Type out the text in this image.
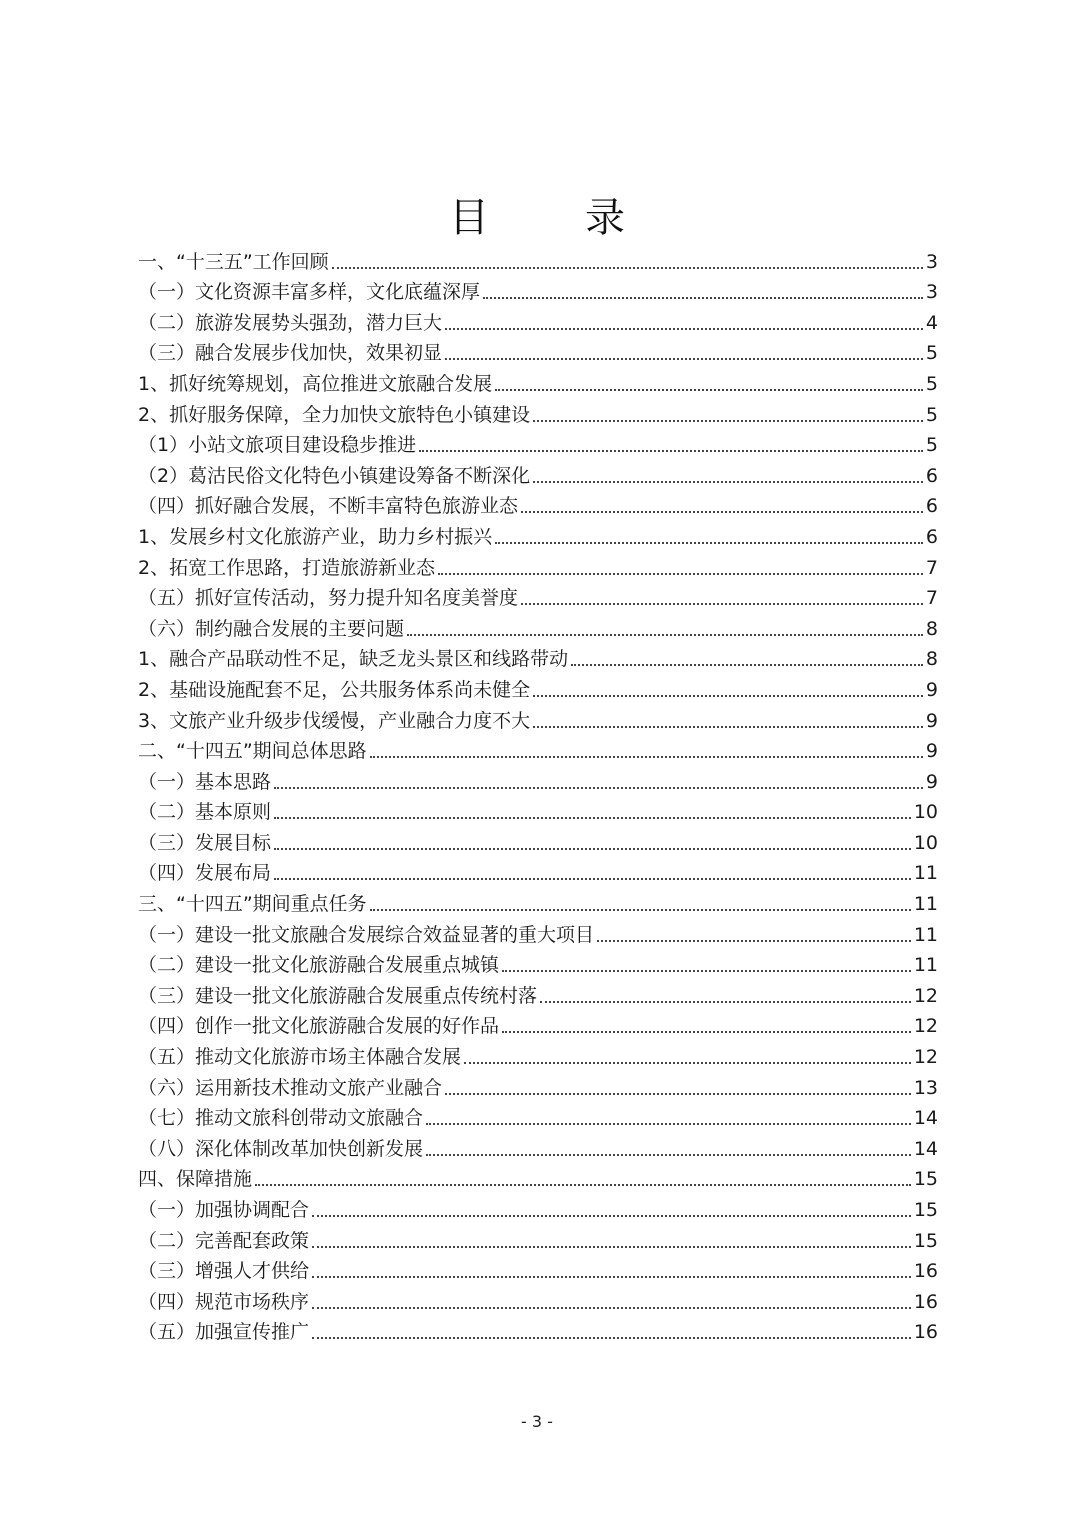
目　录
一、“十三五”工作回顾	3
（一）文化资源丰富多样，文化底蕴深厚	3
（二）旅游发展势头强劲，潜力巨大	4
（三）融合发展步伐加快，效果初显	5
1、抓好统筹规划，高位推进文旅融合发展	5
2、抓好服务保障，全力加快文旅特色小镇建设	5
（1）小站文旅项目建设稳步推进	5
（2）葛沽民俗文化特色小镇建设筹备不断深化	6
（四）抓好融合发展，不断丰富特色旅游业态	6
1、发展乡村文化旅游产业，助力乡村振兴	6
2、拓宽工作思路，打造旅游新业态	7
（五）抓好宣传活动，努力提升知名度美誉度	7
（六）制约融合发展的主要问题	8
1、融合产品联动性不足，缺乏龙头景区和线路带动	8
2、基础设施配套不足，公共服务体系尚未健全	9
3、文旅产业升级步伐缓慢，产业融合力度不大	9
二、“十四五”期间总体思路	9
（一）基本思路	9
（二）基本原则	10
（三）发展目标	10
（四）发展布局	11
三、“十四五”期间重点任务	11
（一）建设一批文旅融合发展综合效益显著的重大项目	11
（二）建设一批文化旅游融合发展重点城镇	11
（三）建设一批文化旅游融合发展重点传统村落	12
（四）创作一批文化旅游融合发展的好作品	12
（五）推动文化旅游市场主体融合发展	12
（六）运用新技术推动文旅产业融合	13
（七）推动文旅科创带动文旅融合	14
（八）深化体制改革加快创新发展	14
四、保障措施	15
（一）加强协调配合	15
（二）完善配套政策	15
（三）增强人才供给	16
（四）规范市场秩序	16
（五）加强宣传推广	16
- 3 -
